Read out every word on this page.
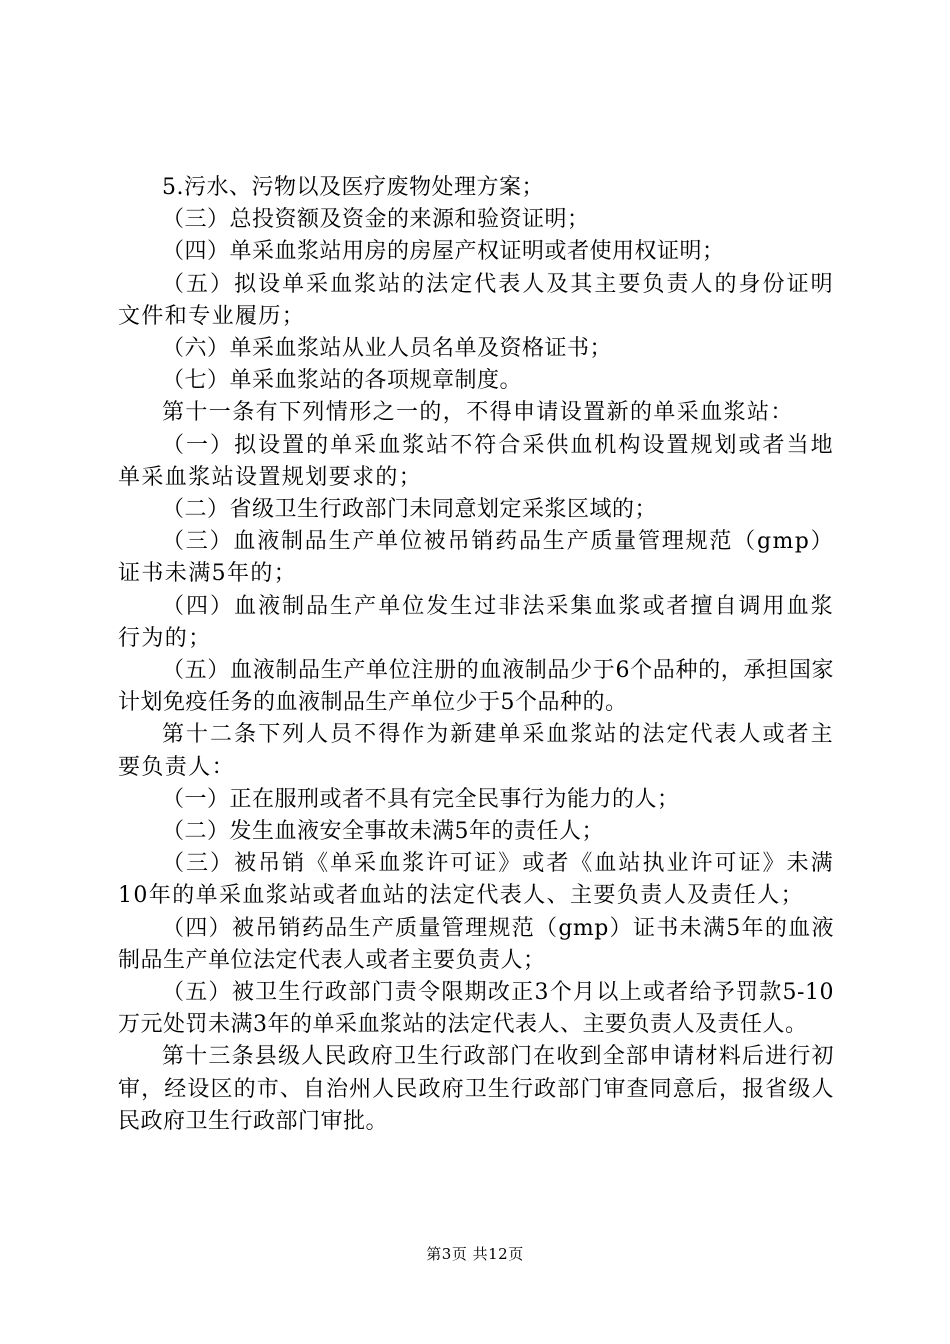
5.污水、污物以及医疗废物处理方案；

（三）总投资额及资金的来源和验资证明；

（四）单采血浆站用房的房屋产权证明或者使用权证明；

（五）拟设单采血浆站的法定代表人及其主要负责人的身份证明文件和专业履历；

（六）单采血浆站从业人员名单及资格证书；

（七）单采血浆站的各项规章制度。

第十一条有下列情形之一的，不得申请设置新的单采血浆站：

（一）拟设置的单采血浆站不符合采供血机构设置规划或者当地单采血浆站设置规划要求的；

（二）省级卫生行政部门未同意划定采浆区域的；

（三）血液制品生产单位被吊销药品生产质量管理规范（gmp）证书未满5年的；

（四）血液制品生产单位发生过非法采集血浆或者擅自调用血浆行为的；

（五）血液制品生产单位注册的血液制品少于6个品种的，承担国家计划免疫任务的血液制品生产单位少于5个品种的。

第十二条下列人员不得作为新建单采血浆站的法定代表人或者主要负责人：

（一）正在服刑或者不具有完全民事行为能力的人；

（二）发生血液安全事故未满5年的责任人；

（三）被吊销《单采血浆许可证》或者《血站执业许可证》未满10年的单采血浆站或者血站的法定代表人、主要负责人及责任人；

（四）被吊销药品生产质量管理规范（gmp）证书未满5年的血液制品生产单位法定代表人或者主要负责人；

（五）被卫生行政部门责令限期改正3个月以上或者给予罚款5-10万元处罚未满3年的单采血浆站的法定代表人、主要负责人及责任人。

第十三条县级人民政府卫生行政部门在收到全部申请材料后进行初审，经设区的市、自治州人民政府卫生行政部门审查同意后，报省级人民政府卫生行政部门审批。

第3页 共12页
